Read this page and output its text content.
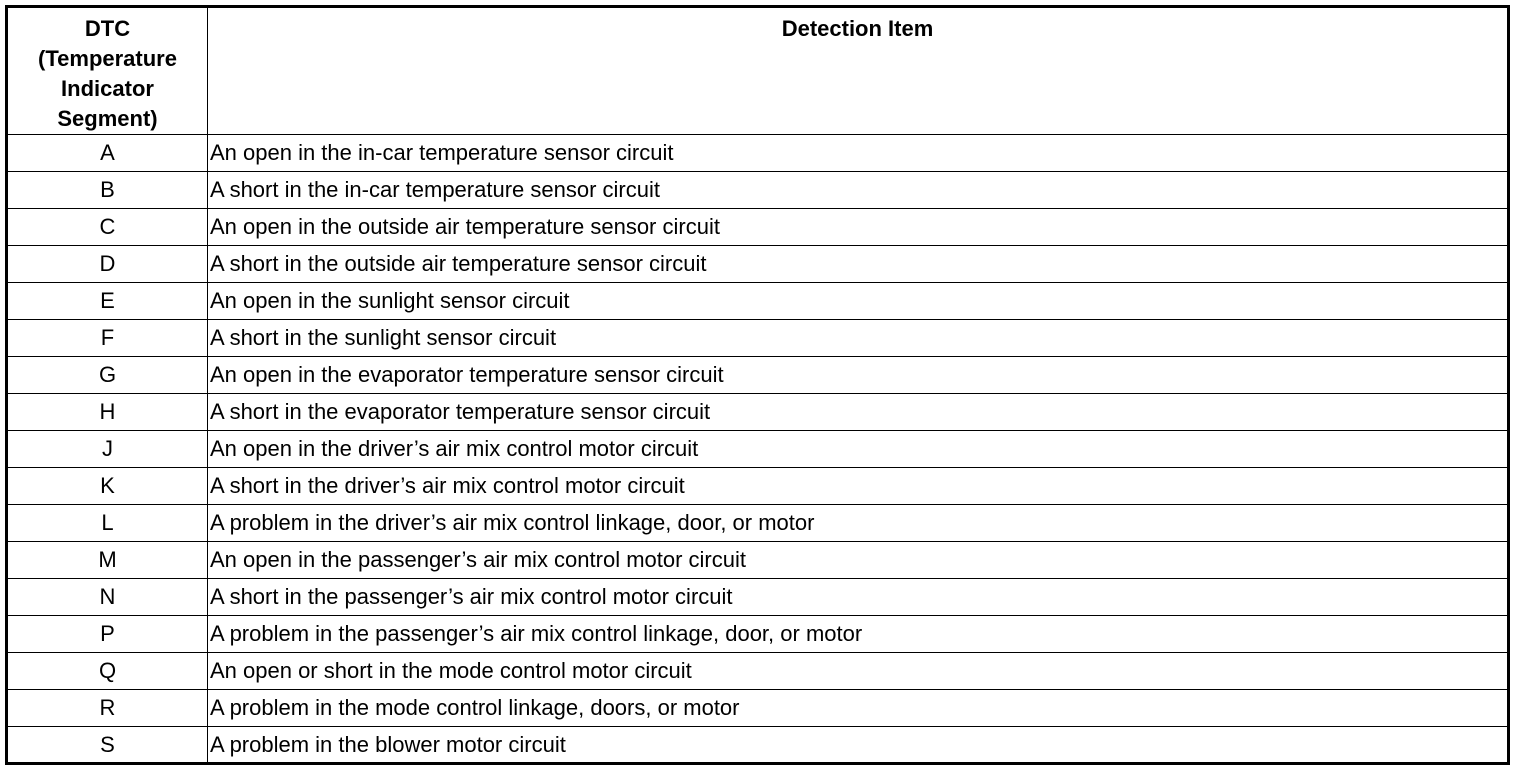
DTC
(Temperature
Indicator
Segment)	Detection Item
A	An open in the in-car temperature sensor circuit
B	A short in the in-car temperature sensor circuit
C	An open in the outside air temperature sensor circuit
D	A short in the outside air temperature sensor circuit
E	An open in the sunlight sensor circuit
F	A short in the sunlight sensor circuit
G	An open in the evaporator temperature sensor circuit
H	A short in the evaporator temperature sensor circuit
J	An open in the driver’s air mix control motor circuit
K	A short in the driver’s air mix control motor circuit
L	A problem in the driver’s air mix control linkage, door, or motor
M	An open in the passenger’s air mix control motor circuit
N	A short in the passenger’s air mix control motor circuit
P	A problem in the passenger’s air mix control linkage, door, or motor
Q	An open or short in the mode control motor circuit
R	A problem in the mode control linkage, doors, or motor
S	A problem in the blower motor circuit
